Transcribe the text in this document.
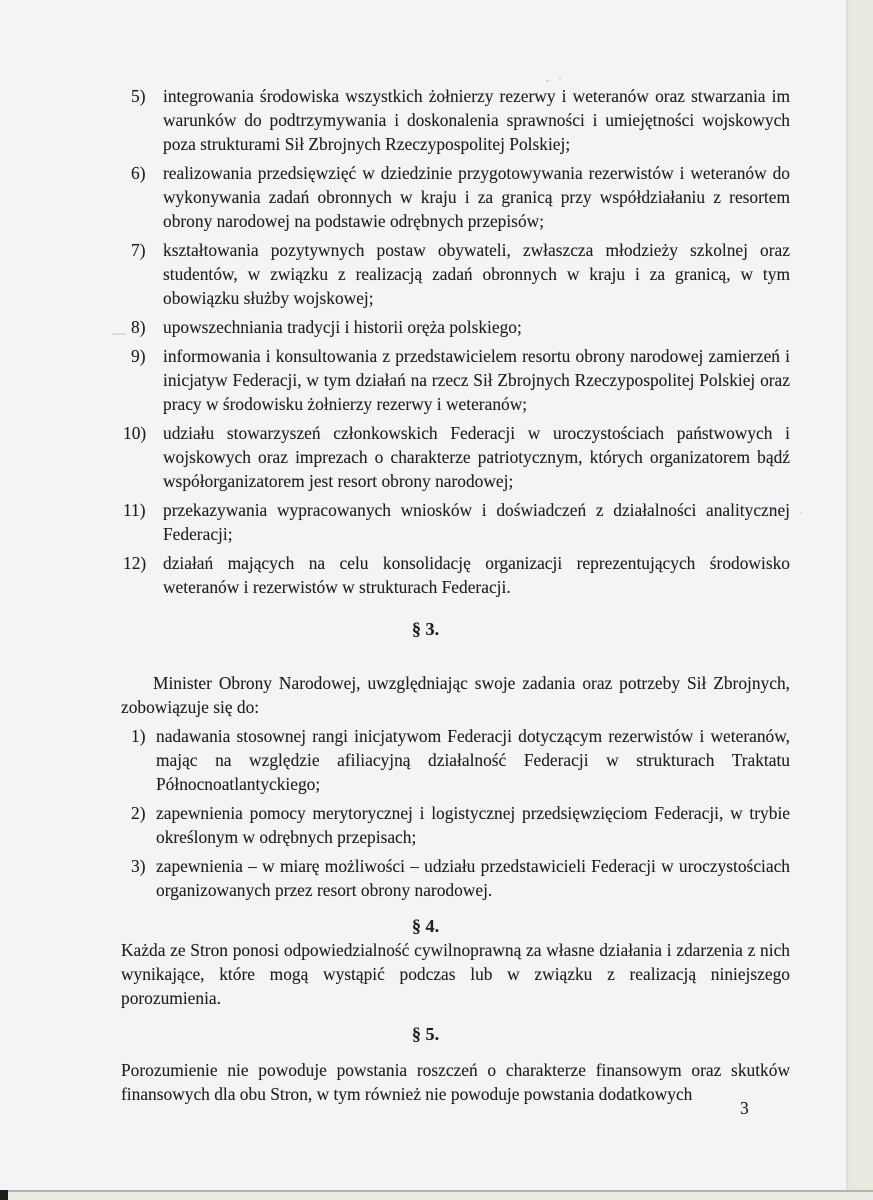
5) integrowania środowiska wszystkich żołnierzy rezerwy i weteranów oraz stwarzania im warunków do podtrzymywania i doskonalenia sprawności i umiejętności wojskowych poza strukturami Sił Zbrojnych Rzeczypospolitej Polskiej;
6) realizowania przedsięwzięć w dziedzinie przygotowywania rezerwistów i weteranów do wykonywania zadań obronnych w kraju i za granicą przy współdziałaniu z resortem obrony narodowej na podstawie odrębnych przepisów;
7) kształtowania pozytywnych postaw obywateli, zwłaszcza młodzieży szkolnej oraz studentów, w związku z realizacją zadań obronnych w kraju i za granicą, w tym obowiązku służby wojskowej;
8) upowszechniania tradycji i historii oręża polskiego;
9) informowania i konsultowania z przedstawicielem resortu obrony narodowej zamierzeń i inicjatyw Federacji, w tym działań na rzecz Sił Zbrojnych Rzeczypospolitej Polskiej oraz pracy w środowisku żołnierzy rezerwy i weteranów;
10) udziału stowarzyszeń członkowskich Federacji w uroczystościach państwowych i wojskowych oraz imprezach o charakterze patriotycznym, których organizatorem bądź współorganizatorem jest resort obrony narodowej;
11) przekazywania wypracowanych wniosków i doświadczeń z działalności analitycznej Federacji;
12) działań mających na celu konsolidację organizacji reprezentujących środowisko weteranów i rezerwistów w strukturach Federacji.
§ 3.

Minister Obrony Narodowej, uwzględniając swoje zadania oraz potrzeby Sił Zbrojnych, zobowiązuje się do:

1) nadawania stosownej rangi inicjatywom Federacji dotyczącym rezerwistów i weteranów, mając na względzie afiliacyjną działalność Federacji w strukturach Traktatu Północnoatlantyckiego;
2) zapewnienia pomocy merytorycznej i logistycznej przedsięwzięciom Federacji, w trybie określonym w odrębnych przepisach;
3) zapewnienia – w miarę możliwości – udziału przedstawicieli Federacji w uroczystościach organizowanych przez resort obrony narodowej.
§ 4.

Każda ze Stron ponosi odpowiedzialność cywilnoprawną za własne działania i zdarzenia z nich wynikające, które mogą wystąpić podczas lub w związku z realizacją niniejszego porozumienia.

§ 5.

Porozumienie nie powoduje powstania roszczeń o charakterze finansowym oraz skutków finansowych dla obu Stron, w tym również nie powoduje powstania dodatkowych

3
